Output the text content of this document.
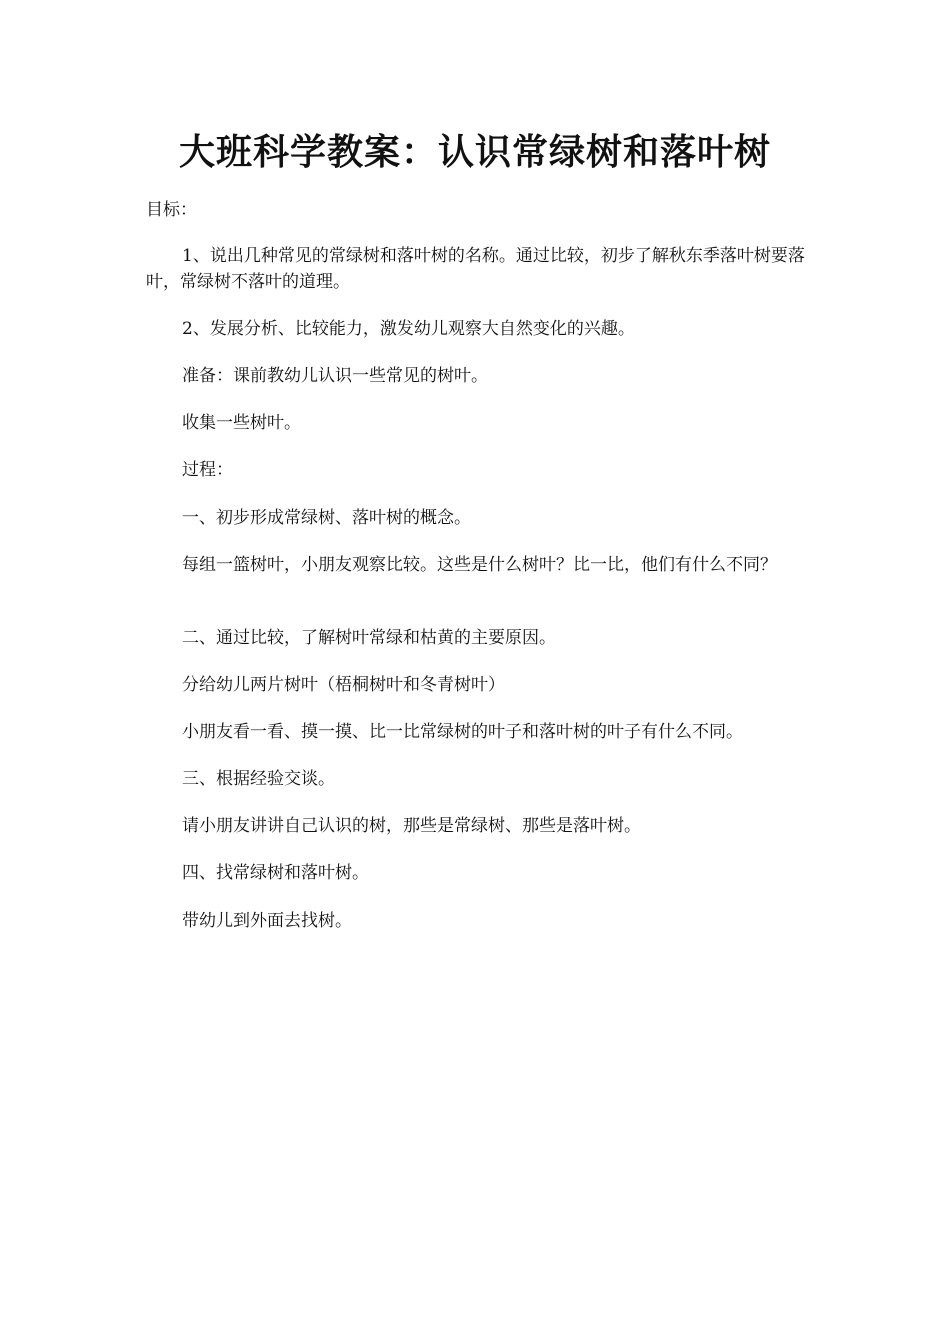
大班科学教案：认识常绿树和落叶树

目标：

1、说出几种常见的常绿树和落叶树的名称。通过比较，初步了解秋东季落叶树要落叶，常绿树不落叶的道理。

2、发展分析、比较能力，激发幼儿观察大自然变化的兴趣。

准备：课前教幼儿认识一些常见的树叶。

收集一些树叶。

过程：

一、初步形成常绿树、落叶树的概念。

每组一篮树叶，小朋友观察比较。这些是什么树叶？比一比，他们有什么不同？

二、通过比较，了解树叶常绿和枯黄的主要原因。

分给幼儿两片树叶（梧桐树叶和冬青树叶）

小朋友看一看、摸一摸、比一比常绿树的叶子和落叶树的叶子有什么不同。

三、根据经验交谈。

请小朋友讲讲自己认识的树，那些是常绿树、那些是落叶树。

四、找常绿树和落叶树。

带幼儿到外面去找树。
